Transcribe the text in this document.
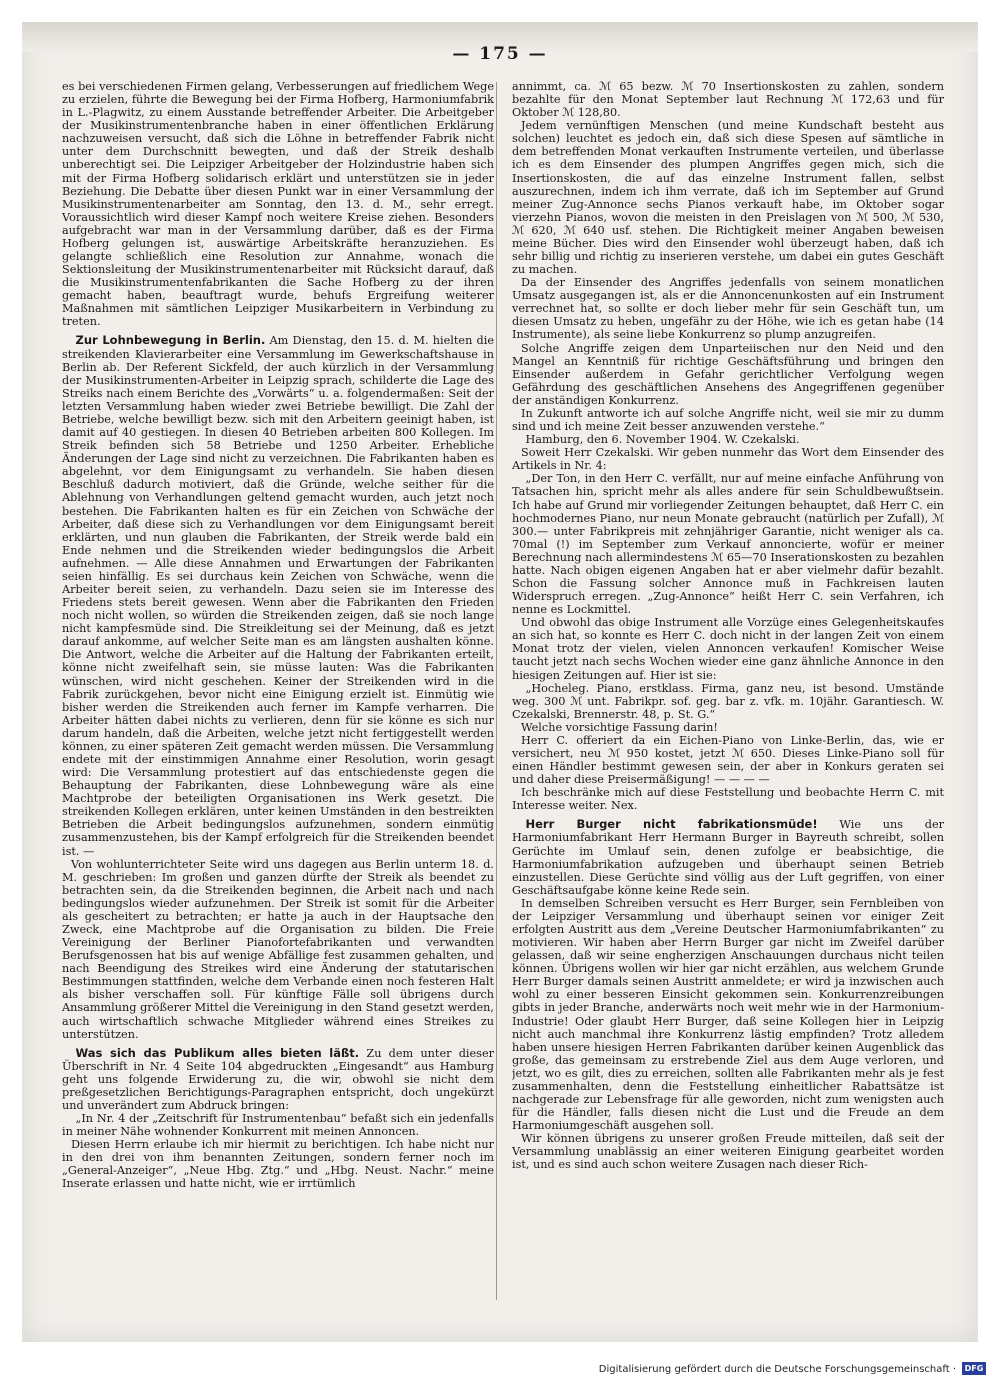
— 175 —

es bei verschiedenen Firmen gelang, Verbesserungen auf friedlichem Wege zu erzielen, führte die Bewegung bei der Firma Hofberg, Harmoniumfabrik in L.-Plagwitz, zu einem Ausstande betreffender Arbeiter. Die Arbeitgeber der Musikinstrumentenbranche haben in einer öffentlichen Erklärung nachzuweisen versucht, daß sich die Löhne in betreffender Fabrik nicht unter dem Durchschnitt bewegten, und daß der Streik deshalb unberechtigt sei. Die Leipziger Arbeitgeber der Holzindustrie haben sich mit der Firma Hofberg solidarisch erklärt und unterstützen sie in jeder Beziehung. Die Debatte über diesen Punkt war in einer Versammlung der Musikinstrumentenarbeiter am Sonntag, den 13. d. M., sehr erregt. Voraussichtlich wird dieser Kampf noch weitere Kreise ziehen. Besonders aufgebracht war man in der Versammlung darüber, daß es der Firma Hofberg gelungen ist, auswärtige Arbeitskräfte heranzuziehen. Es gelangte schließlich eine Resolution zur Annahme, wonach die Sektionsleitung der Musikinstrumentenarbeiter mit Rücksicht darauf, daß die Musikinstrumentenfabrikanten die Sache Hofberg zu der ihren gemacht haben, beauftragt wurde, behufs Ergreifung weiterer Maßnahmen mit sämtlichen Leipziger Musikarbeitern in Verbindung zu treten.

Zur Lohnbewegung in Berlin. Am Dienstag, den 15. d. M. hielten die streikenden Klavierarbeiter eine Versammlung im Gewerkschaftshause in Berlin ab. Der Referent Sickfeld, der auch kürzlich in der Versammlung der Musikinstrumenten-Arbeiter in Leipzig sprach, schilderte die Lage des Streiks nach einem Berichte des „Vorwärts“ u. a. folgendermaßen: Seit der letzten Versammlung haben wieder zwei Betriebe bewilligt. Die Zahl der Betriebe, welche bewilligt bezw. sich mit den Arbeitern geeinigt haben, ist damit auf 40 gestiegen. In diesen 40 Betrieben arbeiten 800 Kollegen. Im Streik befinden sich 58 Betriebe und 1250 Arbeiter. Erhebliche Änderungen der Lage sind nicht zu verzeichnen. Die Fabrikanten haben es abgelehnt, vor dem Einigungsamt zu verhandeln. Sie haben diesen Beschluß dadurch motiviert, daß die Gründe, welche seither für die Ablehnung von Verhandlungen geltend gemacht wurden, auch jetzt noch bestehen. Die Fabrikanten halten es für ein Zeichen von Schwäche der Arbeiter, daß diese sich zu Verhandlungen vor dem Einigungsamt bereit erklärten, und nun glauben die Fabrikanten, der Streik werde bald ein Ende nehmen und die Streikenden wieder bedingungslos die Arbeit aufnehmen. — Alle diese Annahmen und Erwartungen der Fabrikanten seien hinfällig. Es sei durchaus kein Zeichen von Schwäche, wenn die Arbeiter bereit seien, zu verhandeln. Dazu seien sie im Interesse des Friedens stets bereit gewesen. Wenn aber die Fabrikanten den Frieden noch nicht wollen, so würden die Streikenden zeigen, daß sie noch lange nicht kampfesmüde sind. Die Streikleitung sei der Meinung, daß es jetzt darauf ankomme, auf welcher Seite man es am längsten aushalten könne. Die Antwort, welche die Arbeiter auf die Haltung der Fabrikanten erteilt, könne nicht zweifelhaft sein, sie müsse lauten: Was die Fabrikanten wünschen, wird nicht geschehen. Keiner der Streikenden wird in die Fabrik zurückgehen, bevor nicht eine Einigung erzielt ist. Einmütig wie bisher werden die Streikenden auch ferner im Kampfe verharren. Die Arbeiter hätten dabei nichts zu verlieren, denn für sie könne es sich nur darum handeln, daß die Arbeiten, welche jetzt nicht fertiggestellt werden können, zu einer späteren Zeit gemacht werden müssen. Die Versammlung endete mit der einstimmigen Annahme einer Resolution, worin gesagt wird: Die Versammlung protestiert auf das entschiedenste gegen die Behauptung der Fabrikanten, diese Lohnbewegung wäre als eine Machtprobe der beteiligten Organisationen ins Werk gesetzt. Die streikenden Kollegen erklären, unter keinen Umständen in den bestreikten Betrieben die Arbeit bedingungslos aufzunehmen, sondern einmütig zusammenzustehen, bis der Kampf erfolgreich für die Streikenden beendet ist. —

Von wohlunterrichteter Seite wird uns dagegen aus Berlin unterm 18. d. M. geschrieben: Im großen und ganzen dürfte der Streik als beendet zu betrachten sein, da die Streikenden beginnen, die Arbeit nach und nach bedingungslos wieder aufzunehmen. Der Streik ist somit für die Arbeiter als gescheitert zu betrachten; er hatte ja auch in der Hauptsache den Zweck, eine Machtprobe auf die Organisation zu bilden. Die Freie Vereinigung der Berliner Pianofortefabrikanten und verwandten Berufsgenossen hat bis auf wenige Abfällige fest zusammen gehalten, und nach Beendigung des Streikes wird eine Änderung der statutarischen Bestimmungen stattfinden, welche dem Verbande einen noch festeren Halt als bisher verschaffen soll. Für künftige Fälle soll übrigens durch Ansammlung größerer Mittel die Vereinigung in den Stand gesetzt werden, auch wirtschaftlich schwache Mitglieder während eines Streikes zu unterstützen.

Was sich das Publikum alles bieten läßt. Zu dem unter dieser Überschrift in Nr. 4 Seite 104 abgedruckten „Eingesandt“ aus Hamburg geht uns folgende Erwiderung zu, die wir, obwohl sie nicht dem preßgesetzlichen Berichtigungs-Paragraphen entspricht, doch ungekürzt und unverändert zum Abdruck bringen:

„In Nr. 4 der „Zeitschrift für Instrumentenbau“ befaßt sich ein jedenfalls in meiner Nähe wohnender Konkurrent mit meinen Annoncen.

Diesen Herrn erlaube ich mir hiermit zu berichtigen. Ich habe nicht nur in den drei von ihm benannten Zeitungen, sondern ferner noch im „General-Anzeiger“, „Neue Hbg. Ztg.“ und „Hbg. Neust. Nachr.“ meine Inserate erlassen und hatte nicht, wie er irrtümlich

annimmt, ca. ℳ 65 bezw. ℳ 70 Insertionskosten zu zahlen, sondern bezahlte für den Monat September laut Rechnung ℳ 172,63 und für Oktober ℳ 128,80.

Jedem vernünftigen Menschen (und meine Kundschaft besteht aus solchen) leuchtet es jedoch ein, daß sich diese Spesen auf sämtliche in dem betreffenden Monat verkauften Instrumente verteilen, und überlasse ich es dem Einsender des plumpen Angriffes gegen mich, sich die Insertionskosten, die auf das einzelne Instrument fallen, selbst auszurechnen, indem ich ihm verrate, daß ich im September auf Grund meiner Zug-Annonce sechs Pianos verkauft habe, im Oktober sogar vierzehn Pianos, wovon die meisten in den Preislagen von ℳ 500, ℳ 530, ℳ 620, ℳ 640 usf. stehen. Die Richtigkeit meiner Angaben beweisen meine Bücher. Dies wird den Einsender wohl überzeugt haben, daß ich sehr billig und richtig zu inserieren verstehe, um dabei ein gutes Geschäft zu machen.

Da der Einsender des Angriffes jedenfalls von seinem monatlichen Umsatz ausgegangen ist, als er die Annoncenunkosten auf ein Instrument verrechnet hat, so sollte er doch lieber mehr für sein Geschäft tun, um diesen Umsatz zu heben, ungefähr zu der Höhe, wie ich es getan habe (14 Instrumente), als seine liebe Konkurrenz so plump anzugreifen.

Solche Angriffe zeigen dem Unparteiischen nur den Neid und den Mangel an Kenntniß für richtige Geschäftsführung und bringen den Einsender außerdem in Gefahr gerichtlicher Verfolgung wegen Gefährdung des geschäftlichen Ansehens des Angegriffenen gegenüber der anständigen Konkurrenz.

In Zukunft antworte ich auf solche Angriffe nicht, weil sie mir zu dumm sind und ich meine Zeit besser anzuwenden verstehe.“

Hamburg, den 6. November 1904. W. Czekalski.

Soweit Herr Czekalski. Wir geben nunmehr das Wort dem Einsender des Artikels in Nr. 4:

„Der Ton, in den Herr C. verfällt, nur auf meine einfache Anführung von Tatsachen hin, spricht mehr als alles andere für sein Schuldbewußtsein. Ich habe auf Grund mir vorliegender Zeitungen behauptet, daß Herr C. ein hochmodernes Piano, nur neun Monate gebraucht (natürlich per Zufall), ℳ 300.— unter Fabrikpreis mit zehnjähriger Garantie, nicht weniger als ca. 70mal (!) im September zum Verkauf annoncierte, wofür er meiner Berechnung nach allermindestens ℳ 65—70 Inserationskosten zu bezahlen hatte. Nach obigen eigenen Angaben hat er aber vielmehr dafür bezahlt. Schon die Fassung solcher Annonce muß in Fachkreisen lauten Widerspruch erregen. „Zug-Annonce“ heißt Herr C. sein Verfahren, ich nenne es Lockmittel.

Und obwohl das obige Instrument alle Vorzüge eines Gelegenheitskaufes an sich hat, so konnte es Herr C. doch nicht in der langen Zeit von einem Monat trotz der vielen, vielen Annoncen verkaufen! Komischer Weise taucht jetzt nach sechs Wochen wieder eine ganz ähnliche Annonce in den hiesigen Zeitungen auf. Hier ist sie:

„Hocheleg. Piano, erstklass. Firma, ganz neu, ist besond. Umstände weg. 300 ℳ unt. Fabrikpr. sof. geg. bar z. vfk. m. 10jähr. Garantiesch. W. Czekalski, Brennerstr. 48, p. St. G.“

Welche vorsichtige Fassung darin!

Herr C. offeriert da ein Eichen-Piano von Linke-Berlin, das, wie er versichert, neu ℳ 950 kostet, jetzt ℳ 650. Dieses Linke-Piano soll für einen Händler bestimmt gewesen sein, der aber in Konkurs geraten sei und daher diese Preisermäßigung! — — — —

Ich beschränke mich auf diese Feststellung und beobachte Herrn C. mit Interesse weiter. Nex.

Herr Burger nicht fabrikationsmüde! Wie uns der Harmoniumfabrikant Herr Hermann Burger in Bayreuth schreibt, sollen Gerüchte im Umlauf sein, denen zufolge er beabsichtige, die Harmoniumfabrikation aufzugeben und überhaupt seinen Betrieb einzustellen. Diese Gerüchte sind völlig aus der Luft gegriffen, von einer Geschäftsaufgabe könne keine Rede sein.

In demselben Schreiben versucht es Herr Burger, sein Fernbleiben von der Leipziger Versammlung und überhaupt seinen vor einiger Zeit erfolgten Austritt aus dem „Vereine Deutscher Harmoniumfabrikanten“ zu motivieren. Wir haben aber Herrn Burger gar nicht im Zweifel darüber gelassen, daß wir seine engherzigen Anschauungen durchaus nicht teilen können. Übrigens wollen wir hier gar nicht erzählen, aus welchem Grunde Herr Burger damals seinen Austritt anmeldete; er wird ja inzwischen auch wohl zu einer besseren Einsicht gekommen sein. Konkurrenzreibungen gibts in jeder Branche, anderwärts noch weit mehr wie in der Harmonium-Industrie! Oder glaubt Herr Burger, daß seine Kollegen hier in Leipzig nicht auch manchmal ihre Konkurrenz lästig empfinden? Trotz alledem haben unsere hiesigen Herren Fabrikanten darüber keinen Augenblick das große, das gemeinsam zu erstrebende Ziel aus dem Auge verloren, und jetzt, wo es gilt, dies zu erreichen, sollten alle Fabrikanten mehr als je fest zusammenhalten, denn die Feststellung einheitlicher Rabattsätze ist nachgerade zur Lebensfrage für alle geworden, nicht zum wenigsten auch für die Händler, falls diesen nicht die Lust und die Freude an dem Harmoniumgeschäft ausgehen soll.

Wir können übrigens zu unserer großen Freude mitteilen, daß seit der Versammlung unablässig an einer weiteren Einigung gearbeitet worden ist, und es sind auch schon weitere Zusagen nach dieser Rich-

Digitalisierung gefördert durch die Deutsche Forschungsgemeinschaft ·	DFG
